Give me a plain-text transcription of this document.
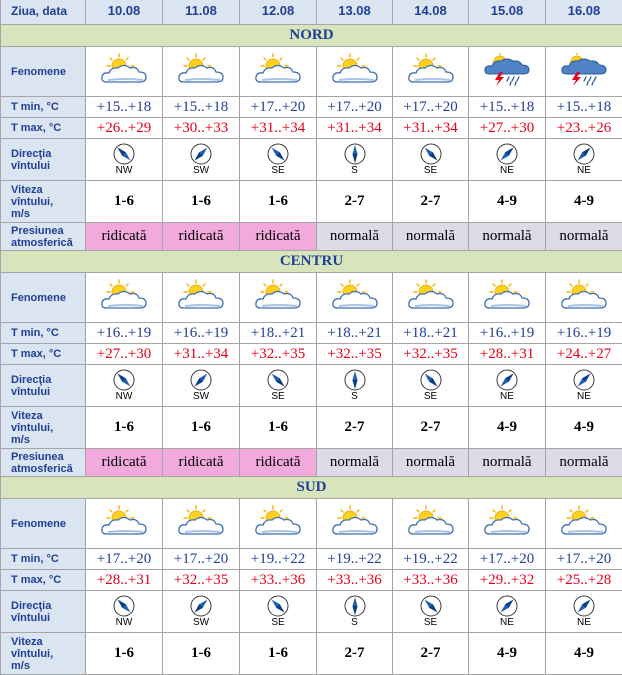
Ziua, data	10.08	11.08	12.08	13.08	14.08	15.08	16.08
NORD							
Fenomene							
T min, °C	+15..+18	+15..+18	+17..+20	+17..+20	+17..+20	+15..+18	+15..+18
T max, °C	+26..+29	+30..+33	+31..+34	+31..+34	+31..+34	+27..+30	+23..+26
Direcţia
vîntului	NW	SW	SE	S	SE	NE	NE

Viteza
vîntului,
m/s	1-6	1-6	1-6	2-7	2-7	4-9	4-9
Presiunea
atmosferică	ridicată	ridicată	ridicată	normală	normală	normală	normală
CENTRU							
Fenomene							
T min, °C	+16..+19	+16..+19	+18..+21	+18..+21	+18..+21	+16..+19	+16..+19
T max, °C	+27..+30	+31..+34	+32..+35	+32..+35	+32..+35	+28..+31	+24..+27
Direcţia
vîntului	NW	SW	SE	S	SE	NE	NE

Viteza
vîntului,
m/s	1-6	1-6	1-6	2-7	2-7	4-9	4-9
Presiunea
atmosferică	ridicată	ridicată	ridicată	normală	normală	normală	normală
SUD							
Fenomene							
T min, °C	+17..+20	+17..+20	+19..+22	+19..+22	+19..+22	+17..+20	+17..+20
T max, °C	+28..+31	+32..+35	+33..+36	+33..+36	+33..+36	+29..+32	+25..+28
Direcţia
vîntului	NW	SW	SE	S	SE	NE	NE

Viteza
vîntului,
m/s	1-6	1-6	1-6	2-7	2-7	4-9	4-9
